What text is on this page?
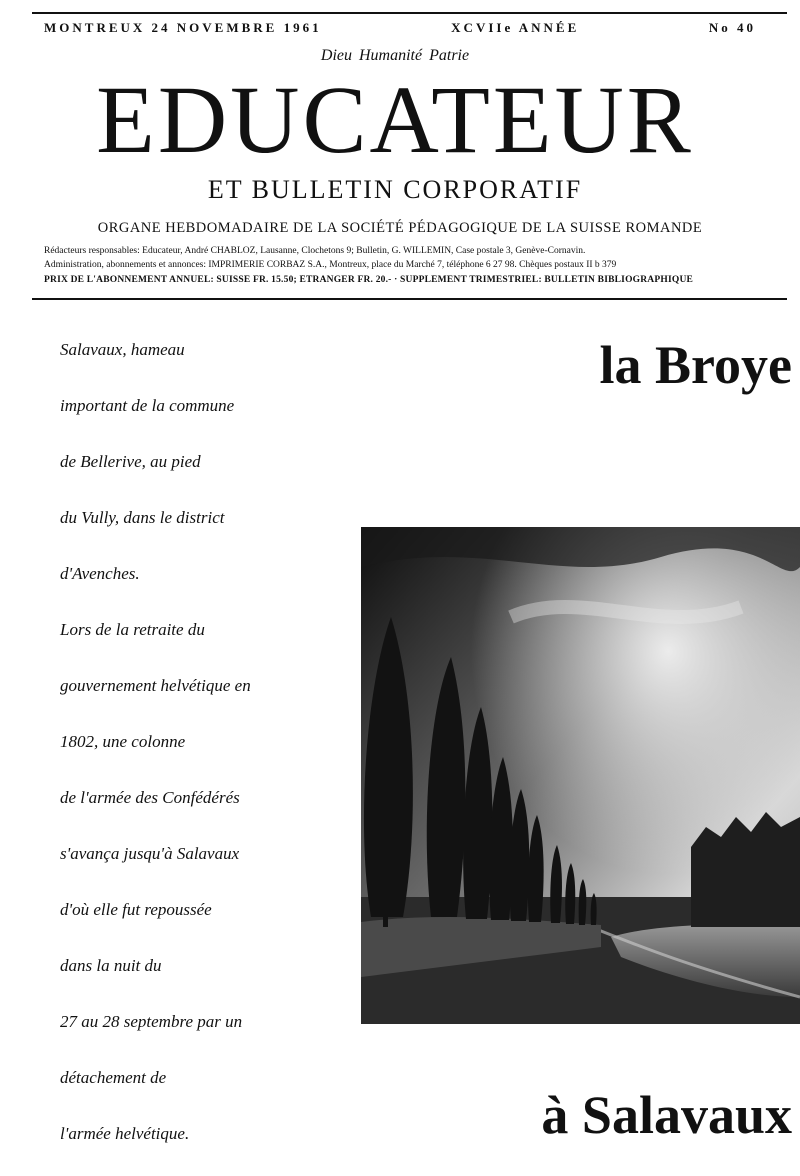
MONTREUX 24 NOVEMBRE 1961	XCVIIe ANNÉE	No 40
Dieu Humanité Patrie
EDUCATEUR
ET BULLETIN CORPORATIF
ORGANE HEBDOMADAIRE DE LA SOCIÉTÉ PÉDAGOGIQUE DE LA SUISSE ROMANDE
Rédacteurs responsables: Educateur, André CHABLOZ, Lausanne, Clochetons 9; Bulletin, G. WILLEMIN, Case postale 3, Genève-Cornavin.
Administration, abonnements et annonces: IMPRIMERIE CORBAZ S.A., Montreux, place du Marché 7, téléphone 6 27 98. Chèques postaux II b 379
PRIX DE L'ABONNEMENT ANNUEL: SUISSE FR. 15.50; ÉTRANGER FR. 20.- · SUPPLÉMENT TRIMESTRIEL: BULLETIN BIBLIOGRAPHIQUE
Salavaux, hameau
important de la commune
de Bellerive, au pied
du Vully, dans le district
d'Avenches.
Lors de la retraite du
gouvernement helvétique en
1802, une colonne
de l'armée des Confédérés
s'avança jusqu'à Salavaux
d'où elle fut repoussée
dans la nuit du
27 au 28 septembre par un
détachement de
l'armée helvétique.
la Broye
à Salavaux
